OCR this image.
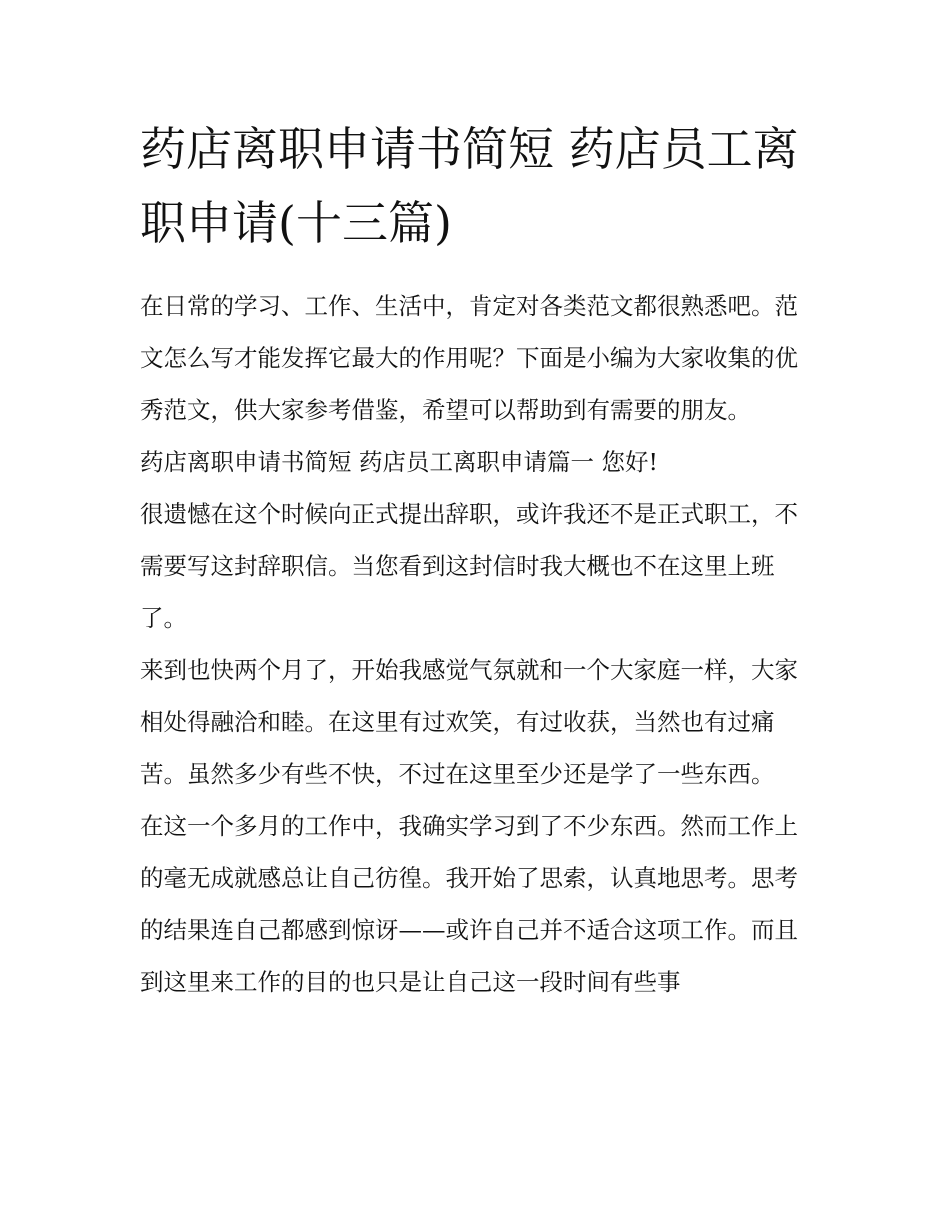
药店离职申请书简短 药店员工离职申请(十三篇)

在日常的学习、工作、生活中，肯定对各类范文都很熟悉吧。范文怎么写才能发挥它最大的作用呢？下面是小编为大家收集的优秀范文，供大家参考借鉴，希望可以帮助到有需要的朋友。

药店离职申请书简短 药店员工离职申请篇一 您好!

很遗憾在这个时候向正式提出辞职，或许我还不是正式职工，不需要写这封辞职信。当您看到这封信时我大概也不在这里上班了。

来到也快两个月了，开始我感觉气氛就和一个大家庭一样，大家相处得融洽和睦。在这里有过欢笑，有过收获，当然也有过痛苦。虽然多少有些不快，不过在这里至少还是学了一些东西。

在这一个多月的工作中，我确实学习到了不少东西。然而工作上的毫无成就感总让自己彷徨。我开始了思索，认真地思考。思考的结果连自己都感到惊讶——或许自己并不适合这项工作。而且到这里来工作的目的也只是让自己这一段时间有些事
